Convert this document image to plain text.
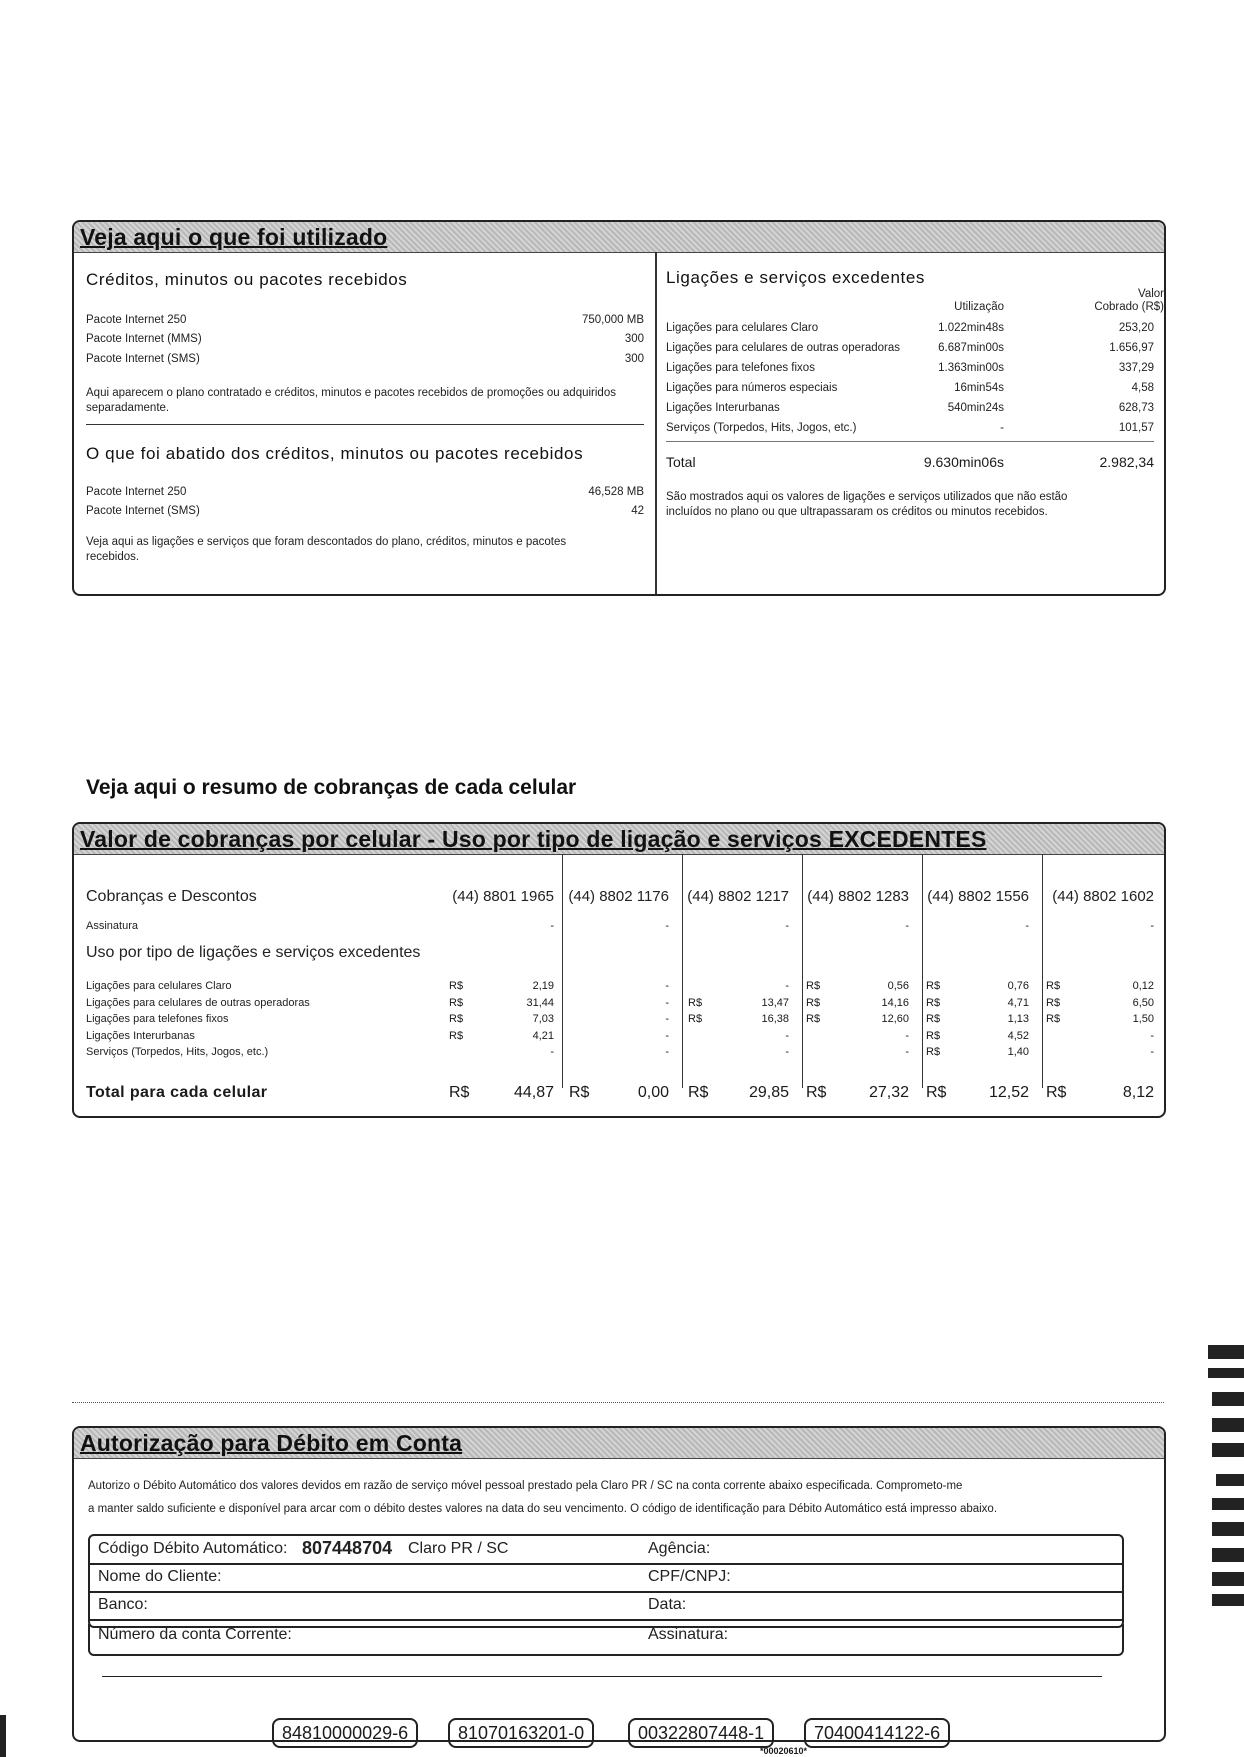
Veja aqui o que foi utilizado
Créditos, minutos ou pacotes recebidos
Pacote Internet 250	750,000 MB
Pacote Internet (MMS)	300
Pacote Internet (SMS)	300
Aqui aparecem o plano contratado e créditos, minutos e pacotes recebidos de promoções ou adquiridos separadamente.
O que foi abatido dos créditos, minutos ou pacotes recebidos
Pacote Internet 250	46,528 MB
Pacote Internet (SMS)	42
Veja aqui as ligações e serviços que foram descontados do plano, créditos, minutos e pacotes recebidos.
Ligações e serviços excedentes
Valor
Utilização	Cobrado (R$)
Ligações para celulares Claro	1.022min48s	253,20
Ligações para celulares de outras operadoras	6.687min00s	1.656,97
Ligações para telefones fixos	1.363min00s	337,29
Ligações para números especiais	16min54s	4,58
Ligações Interurbanas	540min24s	628,73
Serviços (Torpedos, Hits, Jogos, etc.)	-	101,57
Total	9.630min06s	2.982,34
São mostrados aqui os valores de ligações e serviços utilizados que não estão incluídos no plano ou que ultrapassaram os créditos ou minutos recebidos.
Veja aqui o resumo de cobranças de cada celular
Valor de cobranças por celular - Uso por tipo de ligação e serviços EXCEDENTES
Cobranças e Descontos	(44) 8801 1965 (44) 8802 1176	(44) 8802 1217	(44) 8802 1283	(44) 8802 1556	(44) 8802 1602
Assinatura	-	-	-	-	-	-
Uso por tipo de ligações e serviços excedentes
Ligações para celulares Claro	R$	2,19	-	- R$	0,56 R$	0,76 R$	0,12
Ligações para celulares de outras operadoras	R$	31,44	- R$	13,47 R$	14,16 R$	4,71 R$	6,50
Ligações para telefones fixos	R$	7,03	- R$	16,38 R$	12,60 R$	1,13 R$	1,50
Ligações Interurbanas	R$	4,21	-	-	- R$	4,52	-
Serviços (Torpedos, Hits, Jogos, etc.)	-	-	-	- R$	1,40	-
Total para cada celular	R$	44,87 R$	0,00 R$	29,85 R$	27,32 R$	12,52 R$	8,12
Autorização para Débito em Conta
Autorizo o Débito Automático dos valores devidos em razão de serviço móvel pessoal prestado pela Claro PR / SC na conta corrente abaixo especificada. Comprometo-me
a manter saldo suficiente e disponível para arcar com o débito destes valores na data do seu vencimento. O código de identificação para Débito Automático está impresso abaixo.
Código Débito Automático: 807448704 Claro PR / SC	Agência:
Nome do Cliente:	CPF/CNPJ:
Banco:	Data:
Número da conta Corrente:	Assinatura:
84810000029-6	81070163201-0	00322807448-1	70400414122-6
*00020610*
